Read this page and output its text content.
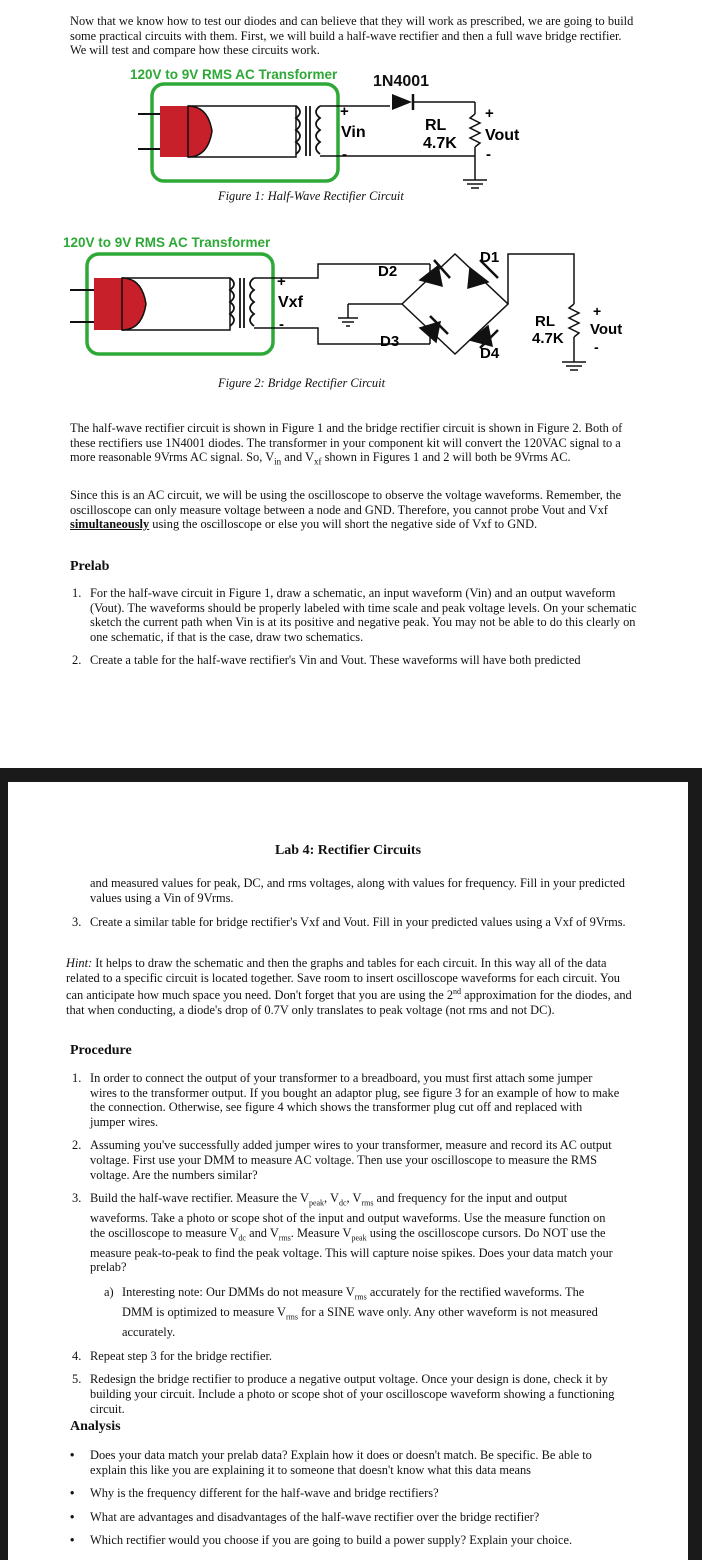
Now that we know how to test our diodes and can believe that they will work as prescribed, we are going to build some practical circuits with them. First, we will build a half-wave rectifier and then a full wave bridge rectifier. We will test and compare how these circuits work.

120V to 9V RMS AC Transformer 1N4001
+
Vin
-
RL
4.7K
+
Vout
-
Figure 1: Half-Wave Rectifier Circuit
120V to 9V RMS AC Transformer
+
Vxf
-
D2
D1
D3
D4
RL
4.7K
+
Vout
-
Figure 2: Bridge Rectifier Circuit

The half-wave rectifier circuit is shown in Figure 1 and the bridge rectifier circuit is shown in Figure 2. Both of these rectifiers use 1N4001 diodes. The transformer in your component kit will convert the 120VAC signal to a more reasonable 9Vrms AC signal. So, $V_{in}$ and $V_{xf}$ shown in Figures 1 and 2 will both be 9Vrms AC.

Since this is an AC circuit, we will be using the oscilloscope to observe the voltage waveforms. Remember, the oscilloscope can only measure voltage between a node and GND. Therefore, you cannot probe Vout and Vxf simultaneously using the oscilloscope or else you will short the negative side of Vxf to GND.

Prelab
1. For the half-wave circuit in Figure 1, draw a schematic, an input waveform (Vin) and an output waveform (Vout). The waveforms should be properly labeled with time scale and peak voltage levels. On your schematic sketch the current path when Vin is at its positive and negative peak. You may not be able to do this clearly on one schematic, if that is the case, draw two schematics.
2. Create a table for the half-wave rectifier's Vin and Vout. These waveforms will have both predicted
Lab 4: Rectifier Circuits

and measured values for peak, DC, and rms voltages, along with values for frequency. Fill in your predicted values using a Vin of 9Vrms.

3. Create a similar table for bridge rectifier's Vxf and Vout. Fill in your predicted values using a Vxf of 9Vrms.

Hint: It helps to draw the schematic and then the graphs and tables for each circuit. In this way all of the data related to a specific circuit is located together. Save room to insert oscilloscope waveforms for each circuit. You can anticipate how much space you need. Don't forget that you are using the 2nd approximation for the diodes, and that when conducting, a diode's drop of 0.7V only translates to peak voltage (not rms and not DC).

Procedure
1. In order to connect the output of your transformer to a breadboard, you must first attach some jumper wires to the transformer output. If you bought an adaptor plug, see figure 3 for an example of how to make the connection. Otherwise, see figure 4 which shows the transformer plug cut off and replaced with jumper wires.
2. Assuming you've successfully added jumper wires to your transformer, measure and record its AC output voltage. First use your DMM to measure AC voltage. Then use your oscilloscope to measure the RMS voltage. Are the numbers similar?
3. Build the half-wave rectifier. Measure the $V_{peak}$, $V_{dc}$, $V_{rms}$ and frequency for the input and output waveforms. Take a photo or scope shot of the input and output waveforms. Use the measure function on the oscilloscope to measure $V_{dc}$ and $V_{rms}$. Measure $V_{peak}$ using the oscilloscope cursors. Do NOT use the measure peak-to-peak to find the peak voltage. This will capture noise spikes. Does your data match your prelab?
a) Interesting note: Our DMMs do not measure $V_{rms}$ accurately for the rectified waveforms. The DMM is optimized to measure $V_{rms}$ for a SINE wave only. Any other waveform is not measured accurately.
4. Repeat step 3 for the bridge rectifier.
5. Redesign the bridge rectifier to produce a negative output voltage. Once your design is done, check it by building your circuit. Include a photo or scope shot of your oscilloscope waveform showing a functioning circuit.
Analysis
• Does your data match your prelab data? Explain how it does or doesn't match. Be specific. Be able to explain this like you are explaining it to someone that doesn't know what this data means
• Why is the frequency different for the half-wave and bridge rectifiers?
• What are advantages and disadvantages of the half-wave rectifier over the bridge rectifier?
• Which rectifier would you choose if you are going to build a power supply? Explain your choice.
